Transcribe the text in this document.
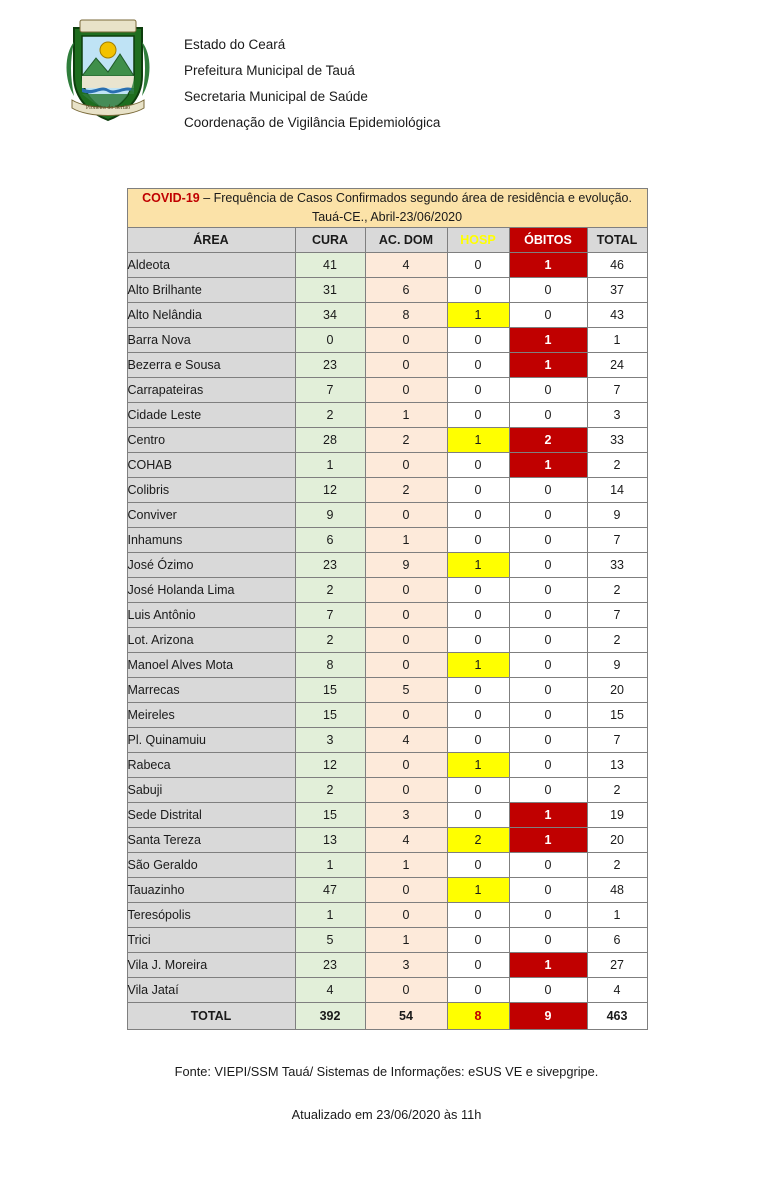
Pioneira do Sertão
Estado do Ceará
Prefeitura Municipal de Tauá
Secretaria Municipal de Saúde
Coordenação de Vigilância Epidemiológica
COVID-19 – Frequência de Casos Confirmados segundo área de residência e evolução. Tauá-CE., Abril-23/06/2020					
ÁREA	CURA	AC. DOM	HOSP	ÓBITOS	TOTAL
Aldeota	41	4	0	1	46
Alto Brilhante	31	6	0	0	37
Alto Nelândia	34	8	1	0	43
Barra Nova	0	0	0	1	1
Bezerra e Sousa	23	0	0	1	24
Carrapateiras	7	0	0	0	7
Cidade Leste	2	1	0	0	3
Centro	28	2	1	2	33
COHAB	1	0	0	1	2
Colibris	12	2	0	0	14
Conviver	9	0	0	0	9
Inhamuns	6	1	0	0	7
José Ózimo	23	9	1	0	33
José Holanda Lima	2	0	0	0	2
Luis Antônio	7	0	0	0	7
Lot. Arizona	2	0	0	0	2
Manoel Alves Mota	8	0	1	0	9
Marrecas	15	5	0	0	20
Meireles	15	0	0	0	15
Pl. Quinamuiu	3	4	0	0	7
Rabeca	12	0	1	0	13
Sabuji	2	0	0	0	2
Sede Distrital	15	3	0	1	19
Santa Tereza	13	4	2	1	20
São Geraldo	1	1	0	0	2
Tauazinho	47	0	1	0	48
Teresópolis	1	0	0	0	1
Trici	5	1	0	0	6
Vila J. Moreira	23	3	0	1	27
Vila Jataí	4	0	0	0	4
TOTAL	392	54	8	9	463
Fonte: VIEPI/SSM Tauá/ Sistemas de Informações: eSUS VE e sivepgripe.
Atualizado em 23/06/2020 às 11h
